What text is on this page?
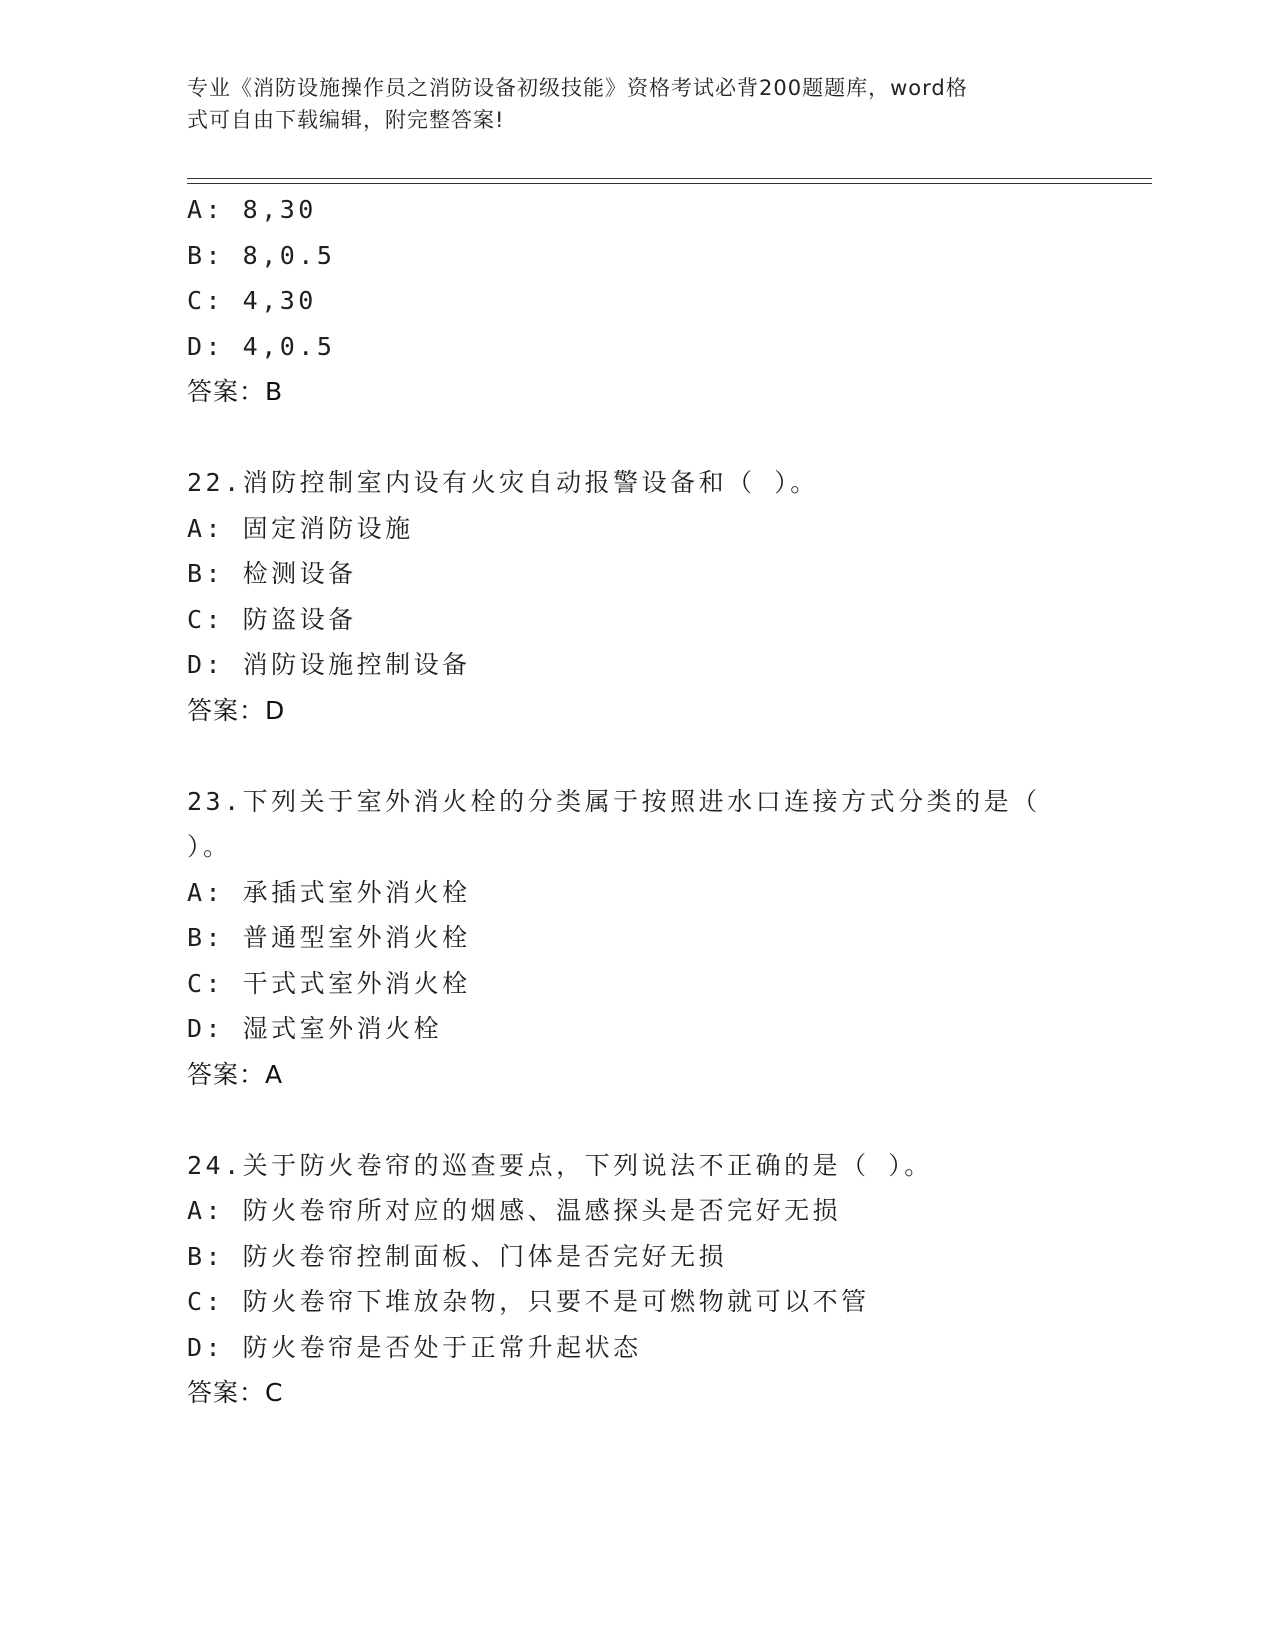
专业《消防设施操作员之消防设备初级技能》资格考试必背200题题库，word格
式可自由下载编辑，附完整答案!
A: 8,30
B: 8,0.5
C: 4,30
D: 4,0.5
答案：B
22.消防控制室内设有火灾自动报警设备和（ ）。
A: 固定消防设施
B: 检测设备
C: 防盗设备
D: 消防设施控制设备
答案：D
23.下列关于室外消火栓的分类属于按照进水口连接方式分类的是（
）。
A: 承插式室外消火栓
B: 普通型室外消火栓
C: 干式式室外消火栓
D: 湿式室外消火栓
答案：A
24.关于防火卷帘的巡查要点，下列说法不正确的是（ ）。
A: 防火卷帘所对应的烟感、温感探头是否完好无损
B: 防火卷帘控制面板、门体是否完好无损
C: 防火卷帘下堆放杂物，只要不是可燃物就可以不管
D: 防火卷帘是否处于正常升起状态
答案：C
